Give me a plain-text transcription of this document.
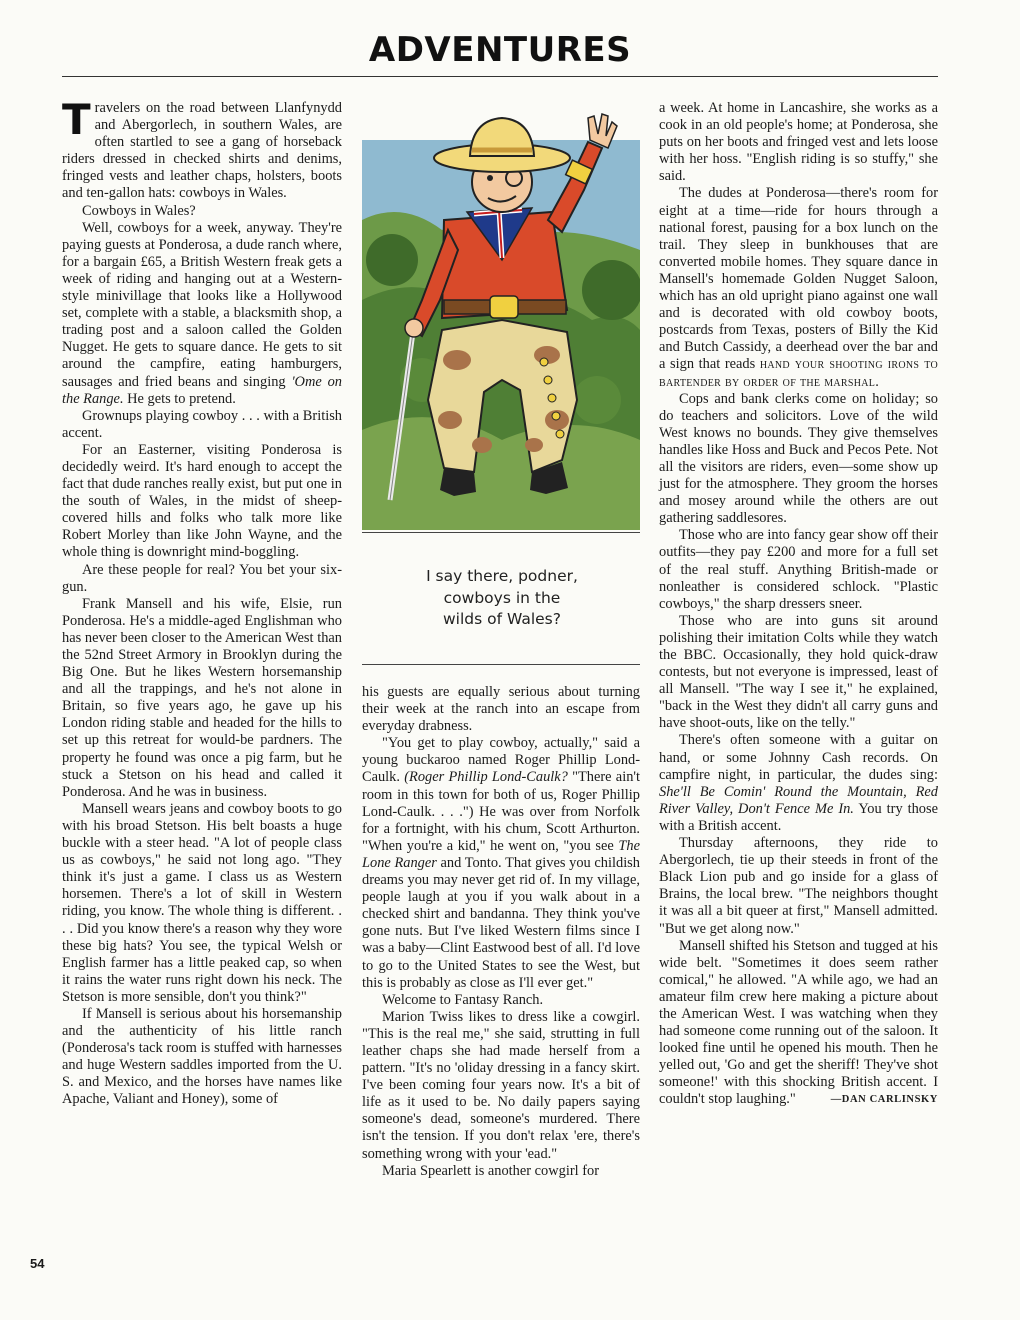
ADVENTURES

Travelers on the road between Llanfynydd and Abergorlech, in southern Wales, are often startled to see a gang of horseback riders dressed in checked shirts and denims, fringed vests and leather chaps, holsters, boots and ten-gallon hats: cowboys in Wales.

Cowboys in Wales?

Well, cowboys for a week, anyway. They're paying guests at Ponderosa, a dude ranch where, for a bargain £65, a British Western freak gets a week of riding and hanging out at a Western-style minivillage that looks like a Hollywood set, complete with a stable, a blacksmith shop, a trading post and a saloon called the Golden Nugget. He gets to square dance. He gets to sit around the campfire, eating hamburgers, sausages and fried beans and singing 'Ome on the Range. He gets to pretend.

Grownups playing cowboy . . . with a British accent.

For an Easterner, visiting Ponderosa is decidedly weird. It's hard enough to accept the fact that dude ranches really exist, but put one in the south of Wales, in the midst of sheep-covered hills and folks who talk more like Robert Morley than like John Wayne, and the whole thing is downright mind-boggling.

Are these people for real? You bet your six-gun.

Frank Mansell and his wife, Elsie, run Ponderosa. He's a middle-aged Englishman who has never been closer to the American West than the 52nd Street Armory in Brooklyn during the Big One. But he likes Western horsemanship and all the trappings, and he's not alone in Britain, so five years ago, he gave up his London riding stable and headed for the hills to set up this retreat for would-be pardners. The property he found was once a pig farm, but he stuck a Stetson on his head and called it Ponderosa. And he was in business.

Mansell wears jeans and cowboy boots to go with his broad Stetson. His belt boasts a huge buckle with a steer head. "A lot of people class us as cowboys," he said not long ago. "They think it's just a game. I class us as Western horsemen. There's a lot of skill in Western riding, you know. The whole thing is different. . . . Did you know there's a reason why they wore these big hats? You see, the typical Welsh or English farmer has a little peaked cap, so when it rains the water runs right down his neck. The Stetson is more sensible, don't you think?"

If Mansell is serious about his horsemanship and the authenticity of his little ranch (Ponderosa's tack room is stuffed with harnesses and huge Western saddles imported from the U. S. and Mexico, and the horses have names like Apache, Valiant and Honey), some of

I say there, podner,
cowboys in the
wilds of Wales?

his guests are equally serious about turning their week at the ranch into an escape from everyday drabness.

"You get to play cowboy, actually," said a young buckaroo named Roger Phillip Lond-Caulk. (Roger Phillip Lond-Caulk? "There ain't room in this town for both of us, Roger Phillip Lond-Caulk. . . .") He was over from Norfolk for a fortnight, with his chum, Scott Arthurton. "When you're a kid," he went on, "you see The Lone Ranger and Tonto. That gives you childish dreams you may never get rid of. In my village, people laugh at you if you walk about in a checked shirt and bandanna. They think you've gone nuts. But I've liked Western films since I was a baby—Clint Eastwood best of all. I'd love to go to the United States to see the West, but this is probably as close as I'll ever get."

Welcome to Fantasy Ranch.

Marion Twiss likes to dress like a cowgirl. "This is the real me," she said, strutting in full leather chaps she had made herself from a pattern. "It's no 'oliday dressing in a fancy skirt. I've been coming four years now. It's a bit of life as it used to be. No daily papers saying someone's dead, someone's murdered. There isn't the tension. If you don't relax 'ere, there's something wrong with your 'ead."

Maria Spearlett is another cowgirl for

a week. At home in Lancashire, she works as a cook in an old people's home; at Ponderosa, she puts on her boots and fringed vest and lets loose with her hoss. "English riding is so stuffy," she said.

The dudes at Ponderosa—there's room for eight at a time—ride for hours through a national forest, pausing for a box lunch on the trail. They sleep in bunkhouses that are converted mobile homes. They square dance in Mansell's homemade Golden Nugget Saloon, which has an old upright piano against one wall and is decorated with old cowboy boots, postcards from Texas, posters of Billy the Kid and Butch Cassidy, a deerhead over the bar and a sign that reads hand your shooting irons to bartender by order of the marshal.

Cops and bank clerks come on holiday; so do teachers and solicitors. Love of the wild West knows no bounds. They give themselves handles like Hoss and Buck and Pecos Pete. Not all the visitors are riders, even—some show up just for the atmosphere. They groom the horses and mosey around while the others are out gathering saddlesores.

Those who are into fancy gear show off their outfits—they pay £200 and more for a full set of the real stuff. Anything British-made or nonleather is considered schlock. "Plastic cowboys," the sharp dressers sneer.

Those who are into guns sit around polishing their imitation Colts while they watch the BBC. Occasionally, they hold quick-draw contests, but not everyone is impressed, least of all Mansell. "The way I see it," he explained, "back in the West they didn't all carry guns and have shoot-outs, like on the telly."

There's often someone with a guitar on hand, or some Johnny Cash records. On campfire night, in particular, the dudes sing: She'll Be Comin' Round the Mountain, Red River Valley, Don't Fence Me In. You try those with a British accent.

Thursday afternoons, they ride to Abergorlech, tie up their steeds in front of the Black Lion pub and go inside for a glass of Brains, the local brew. "The neighbors thought it was all a bit queer at first," Mansell admitted. "But we get along now."

Mansell shifted his Stetson and tugged at his wide belt. "Sometimes it does seem rather comical," he allowed. "A while ago, we had an amateur film crew here making a picture about the American West. I was watching when they had someone come running out of the saloon. It looked fine until he opened his mouth. Then he yelled out, 'Go and get the sheriff! They've shot someone!' with this shocking British accent. I couldn't stop laughing."	—DAN CARLINSKY

54
